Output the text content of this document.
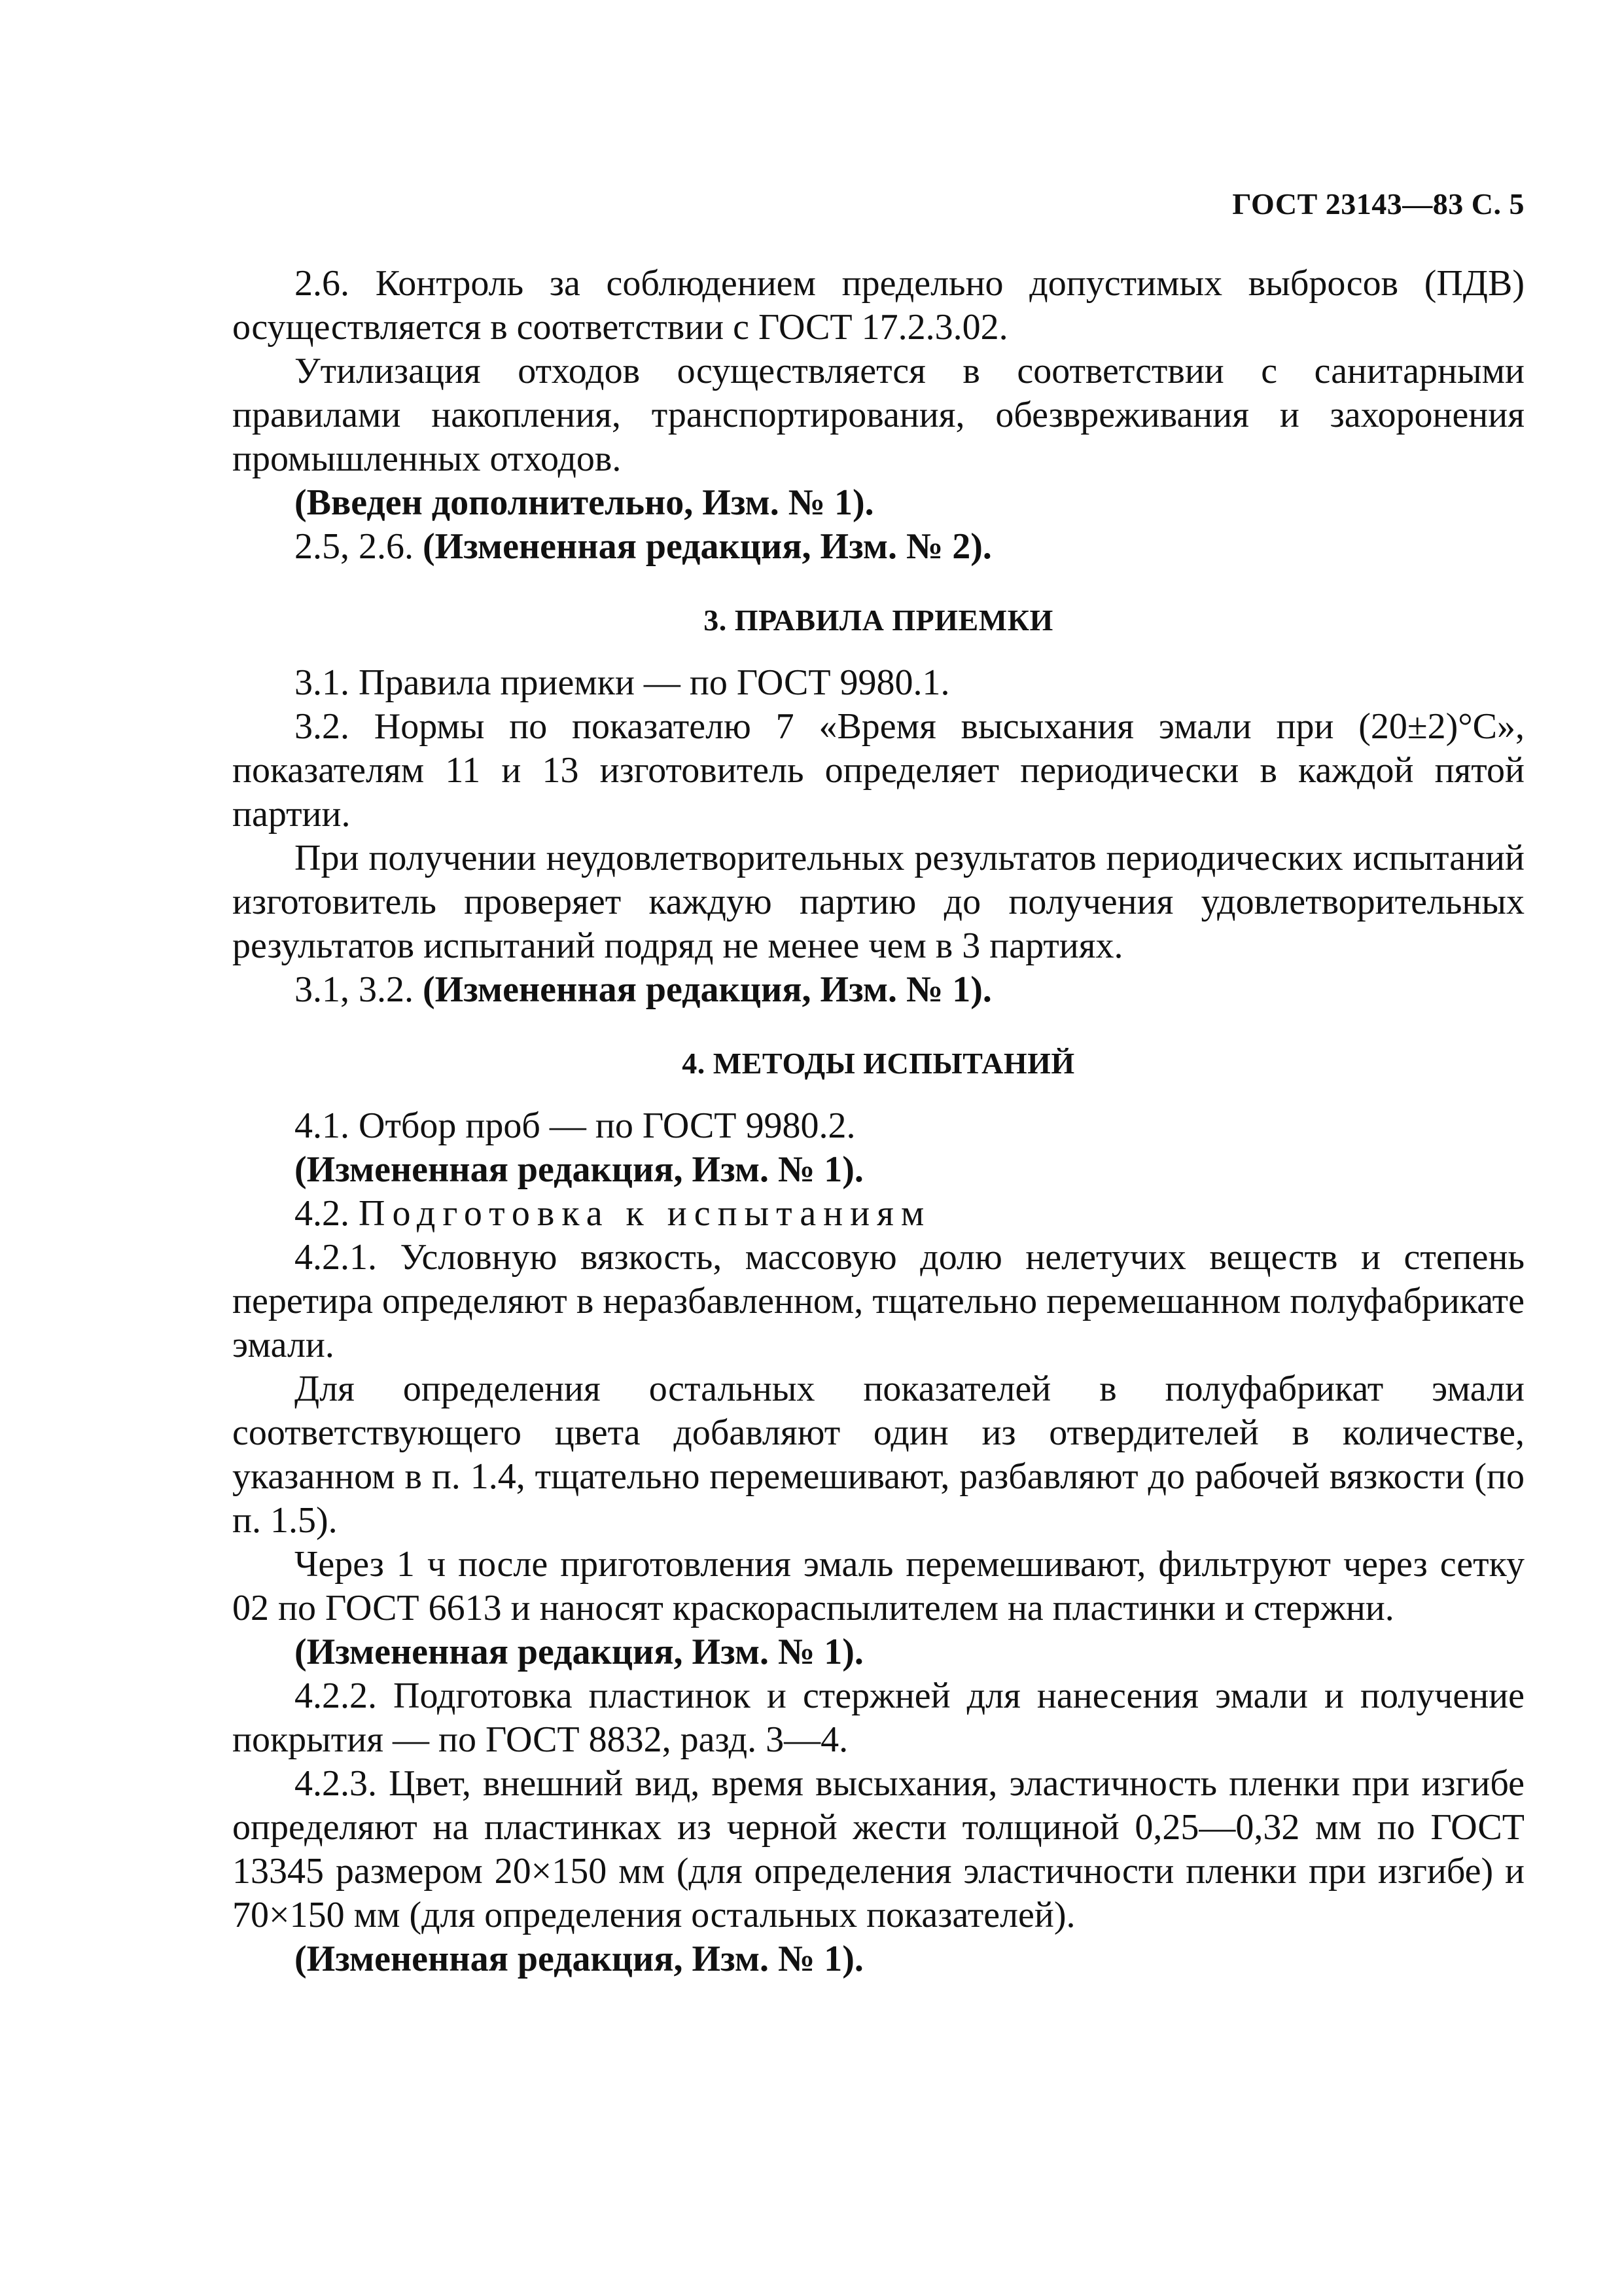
ГОСТ 23143—83 С. 5

2.6. Контроль за соблюдением предельно допустимых выбросов (ПДВ) осуществляется в соответствии с ГОСТ 17.2.3.02.

Утилизация отходов осуществляется в соответствии с санитарными правилами накопления, транспортирования, обезвреживания и захоронения промышленных отходов.

(Введен дополнительно, Изм. № 1).

2.5, 2.6. (Измененная редакция, Изм. № 2).

3. ПРАВИЛА ПРИЕМКИ

3.1. Правила приемки — по ГОСТ 9980.1.

3.2. Нормы по показателю 7 «Время высыхания эмали при (20±2)°С», показателям 11 и 13 изготовитель определяет периодически в каждой пятой партии.

При получении неудовлетворительных результатов периодических испытаний изготовитель проверяет каждую партию до получения удовлетворительных результатов испытаний подряд не менее чем в 3 партиях.

3.1, 3.2. (Измененная редакция, Изм. № 1).

4. МЕТОДЫ ИСПЫТАНИЙ

4.1. Отбор проб — по ГОСТ 9980.2.

(Измененная редакция, Изм. № 1).

4.2. Подготовка к испытаниям

4.2.1. Условную вязкость, массовую долю нелетучих веществ и степень перетира определяют в неразбавленном, тщательно перемешанном полуфабрикате эмали.

Для определения остальных показателей в полуфабрикат эмали соответствующего цвета добавляют один из отвердителей в количестве, указанном в п. 1.4, тщательно перемешивают, разбавляют до рабочей вязкости (по п. 1.5).

Через 1 ч после приготовления эмаль перемешивают, фильтруют через сетку 02 по ГОСТ 6613 и наносят краскораспылителем на пластинки и стержни.

(Измененная редакция, Изм. № 1).

4.2.2. Подготовка пластинок и стержней для нанесения эмали и получение покрытия — по ГОСТ 8832, разд. 3—4.

4.2.3. Цвет, внешний вид, время высыхания, эластичность пленки при изгибе определяют на пластинках из черной жести толщиной 0,25—0,32 мм по ГОСТ 13345 размером 20×150 мм (для определения эластичности пленки при изгибе) и 70×150 мм (для определения остальных показателей).

(Измененная редакция, Изм. № 1).
